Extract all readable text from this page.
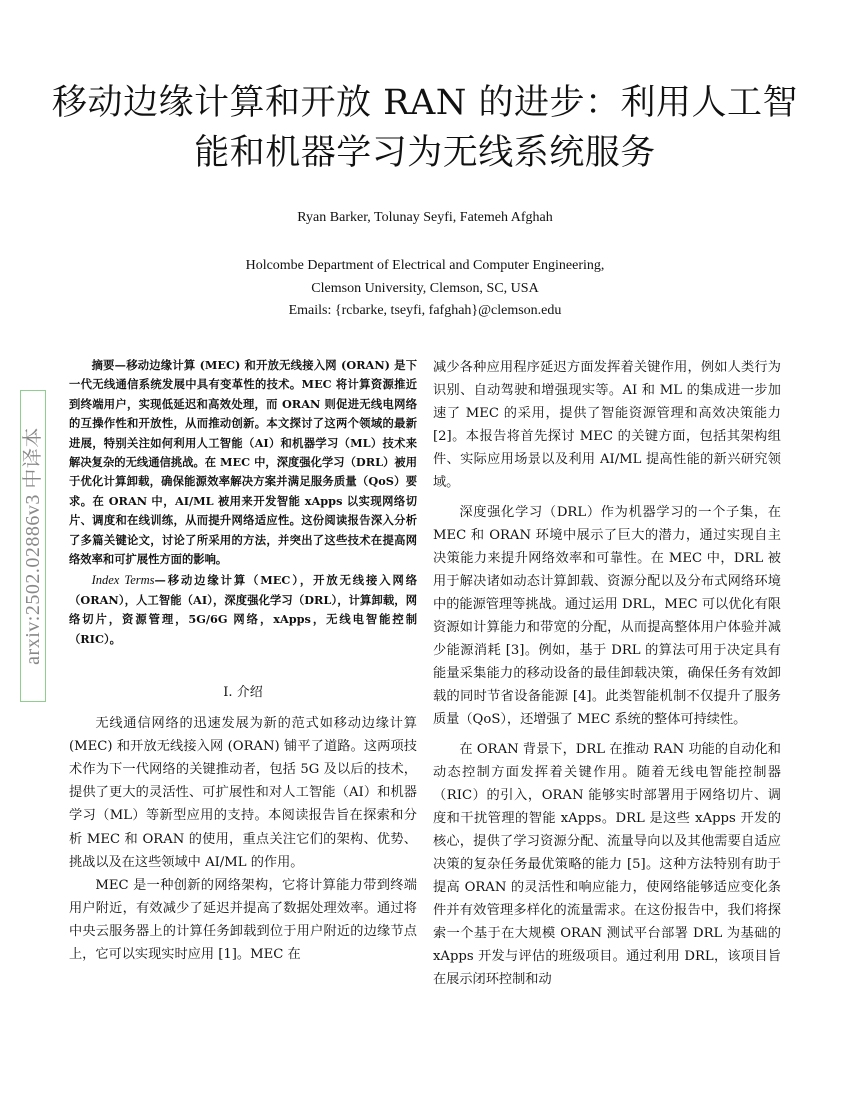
arxiv:2502.02886v3 中译本
移动边缘计算和开放 RAN 的进步：利用人工智能和机器学习为无线系统服务
Ryan Barker, Tolunay Seyfi, Fatemeh Afghah
Holcombe Department of Electrical and Computer Engineering,
Clemson University, Clemson, SC, USA
Emails: {rcbarke, tseyfi, fafghah}@clemson.edu

摘要—移动边缘计算 (MEC) 和开放无线接入网 (ORAN) 是下一代无线通信系统发展中具有变革性的技术。MEC 将计算资源推近到终端用户，实现低延迟和高效处理，而 ORAN 则促进无线电网络的互操作性和开放性，从而推动创新。本文探讨了这两个领域的最新进展，特别关注如何利用人工智能（AI）和机器学习（ML）技术来解决复杂的无线通信挑战。在 MEC 中，深度强化学习（DRL）被用于优化计算卸载，确保能源效率解决方案并满足服务质量（QoS）要求。在 ORAN 中，AI/ML 被用来开发智能 xApps 以实现网络切片、调度和在线训练，从而提升网络适应性。这份阅读报告深入分析了多篇关键论文，讨论了所采用的方法，并突出了这些技术在提高网络效率和可扩展性方面的影响。

Index Terms—移动边缘计算（MEC），开放无线接入网络（ORAN），人工智能（AI），深度强化学习（DRL），计算卸载，网络切片，资源管理，5G/6G 网络，xApps，无线电智能控制（RIC）。

I. 介绍

无线通信网络的迅速发展为新的范式如移动边缘计算 (MEC) 和开放无线接入网 (ORAN) 铺平了道路。这两项技术作为下一代网络的关键推动者，包括 5G 及以后的技术，提供了更大的灵活性、可扩展性和对人工智能（AI）和机器学习（ML）等新型应用的支持。本阅读报告旨在探索和分析 MEC 和 ORAN 的使用，重点关注它们的架构、优势、挑战以及在这些领域中 AI/ML 的作用。

MEC 是一种创新的网络架构，它将计算能力带到终端用户附近，有效减少了延迟并提高了数据处理效率。通过将中央云服务器上的计算任务卸载到位于用户附近的边缘节点上，它可以实现实时应用 [1]。MEC 在

减少各种应用程序延迟方面发挥着关键作用，例如人类行为识别、自动驾驶和增强现实等。AI 和 ML 的集成进一步加速了 MEC 的采用，提供了智能资源管理和高效决策能力 [2]。本报告将首先探讨 MEC 的关键方面，包括其架构组件、实际应用场景以及利用 AI/ML 提高性能的新兴研究领域。

深度强化学习（DRL）作为机器学习的一个子集，在 MEC 和 ORAN 环境中展示了巨大的潜力，通过实现自主决策能力来提升网络效率和可靠性。在 MEC 中，DRL 被用于解决诸如动态计算卸载、资源分配以及分布式网络环境中的能源管理等挑战。通过运用 DRL，MEC 可以优化有限资源如计算能力和带宽的分配，从而提高整体用户体验并减少能源消耗 [3]。例如，基于 DRL 的算法可用于决定具有能量采集能力的移动设备的最佳卸载决策，确保任务有效卸载的同时节省设备能源 [4]。此类智能机制不仅提升了服务质量（QoS），还增强了 MEC 系统的整体可持续性。

在 ORAN 背景下，DRL 在推动 RAN 功能的自动化和动态控制方面发挥着关键作用。随着无线电智能控制器（RIC）的引入，ORAN 能够实时部署用于网络切片、调度和干扰管理的智能 xApps。DRL 是这些 xApps 开发的核心，提供了学习资源分配、流量导向以及其他需要自适应决策的复杂任务最优策略的能力 [5]。这种方法特别有助于提高 ORAN 的灵活性和响应能力，使网络能够适应变化条件并有效管理多样化的流量需求。在这份报告中，我们将探索一个基于在大规模 ORAN 测试平台部署 DRL 为基础的 xApps 开发与评估的班级项目。通过利用 DRL，该项目旨在展示闭环控制和动
